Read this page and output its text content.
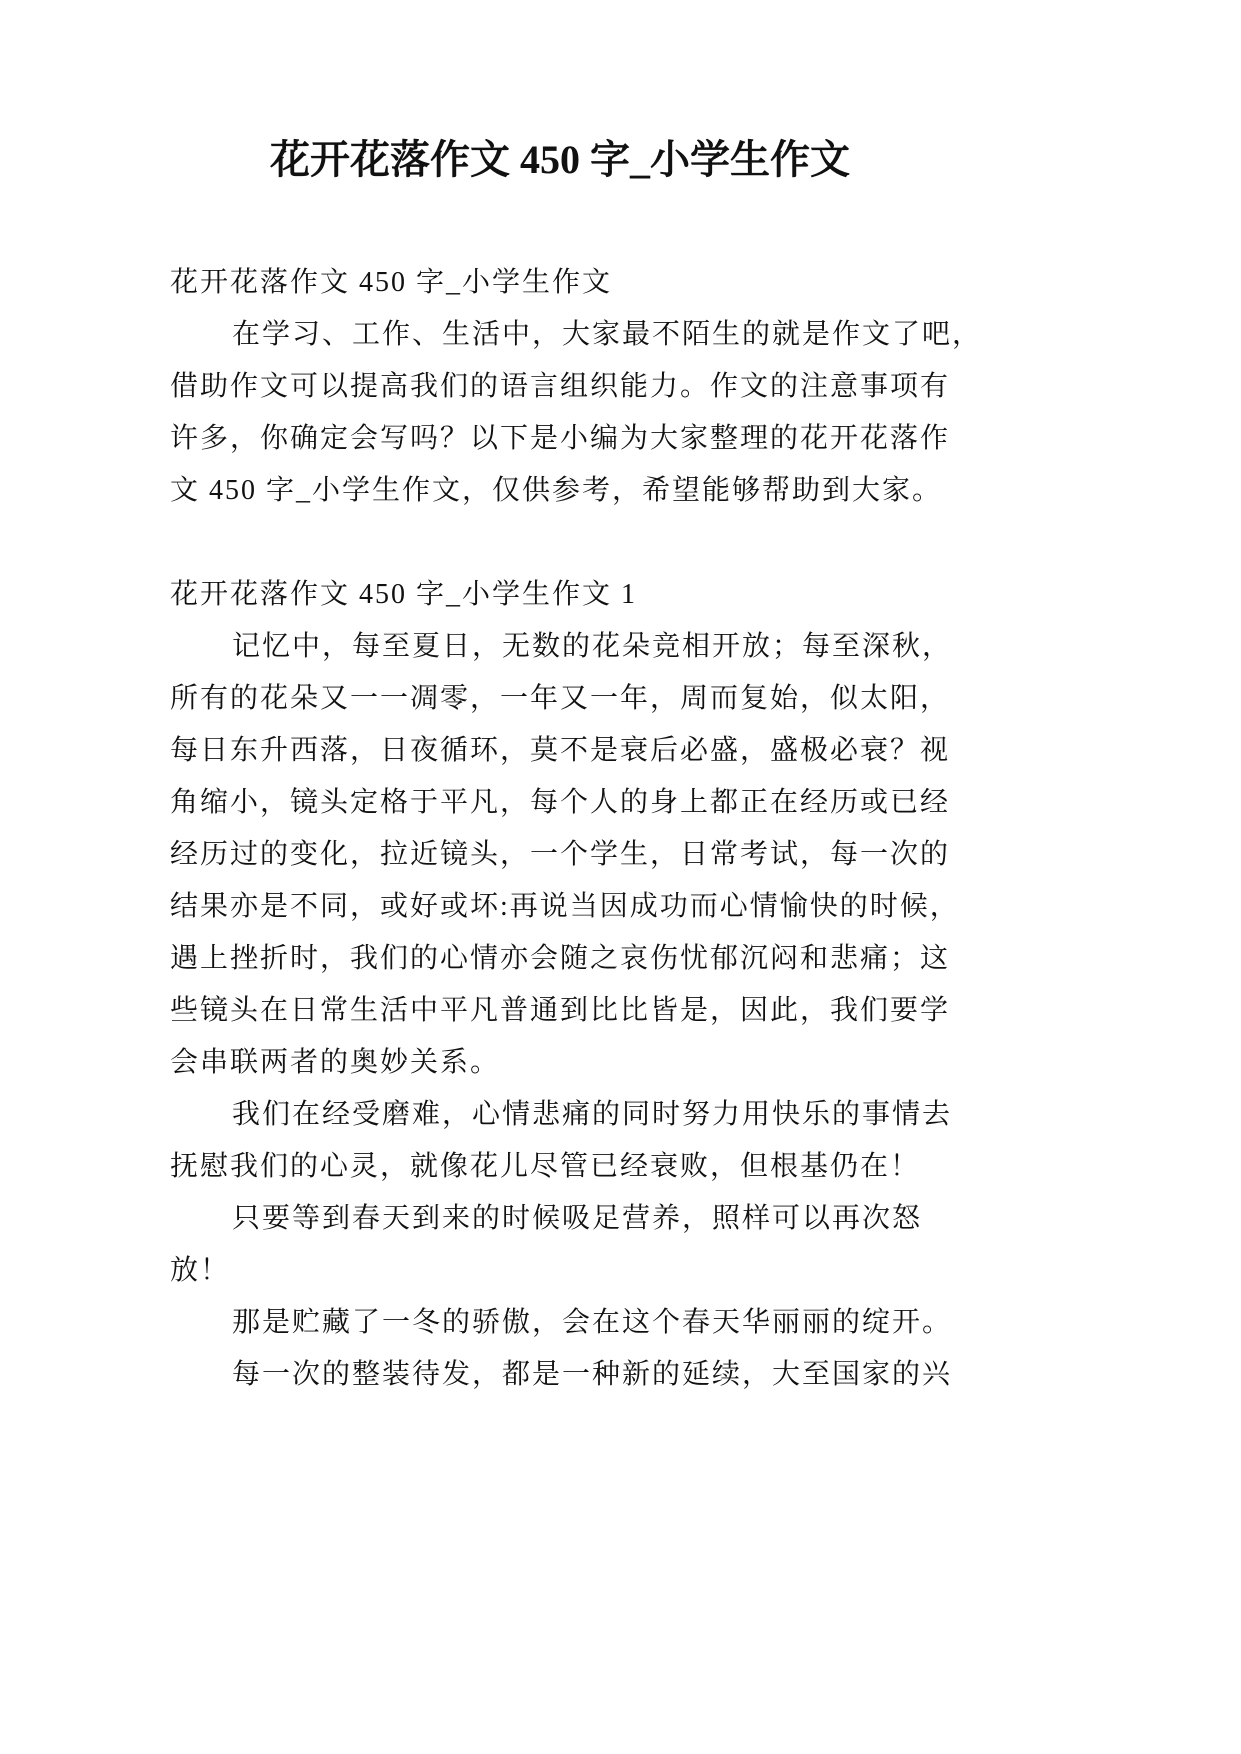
花开花落作文 450 字_小学生作文
花开花落作文 450 字_小学生作文
在学习、工作、生活中，大家最不陌生的就是作文了吧，
借助作文可以提高我们的语言组织能力。作文的注意事项有
许多，你确定会写吗？以下是小编为大家整理的花开花落作
文 450 字_小学生作文，仅供参考，希望能够帮助到大家。
花开花落作文 450 字_小学生作文 1
记忆中，每至夏日，无数的花朵竞相开放；每至深秋，
所有的花朵又一一凋零，一年又一年，周而复始，似太阳，
每日东升西落，日夜循环，莫不是衰后必盛，盛极必衰？视
角缩小，镜头定格于平凡，每个人的身上都正在经历或已经
经历过的变化，拉近镜头，一个学生，日常考试，每一次的
结果亦是不同，或好或坏:再说当因成功而心情愉快的时候，
遇上挫折时，我们的心情亦会随之哀伤忧郁沉闷和悲痛；这
些镜头在日常生活中平凡普通到比比皆是，因此，我们要学
会串联两者的奥妙关系。
我们在经受磨难，心情悲痛的同时努力用快乐的事情去
抚慰我们的心灵，就像花儿尽管已经衰败，但根基仍在！
只要等到春天到来的时候吸足营养，照样可以再次怒
放！
那是贮藏了一冬的骄傲，会在这个春天华丽丽的绽开。
每一次的整装待发，都是一种新的延续，大至国家的兴
